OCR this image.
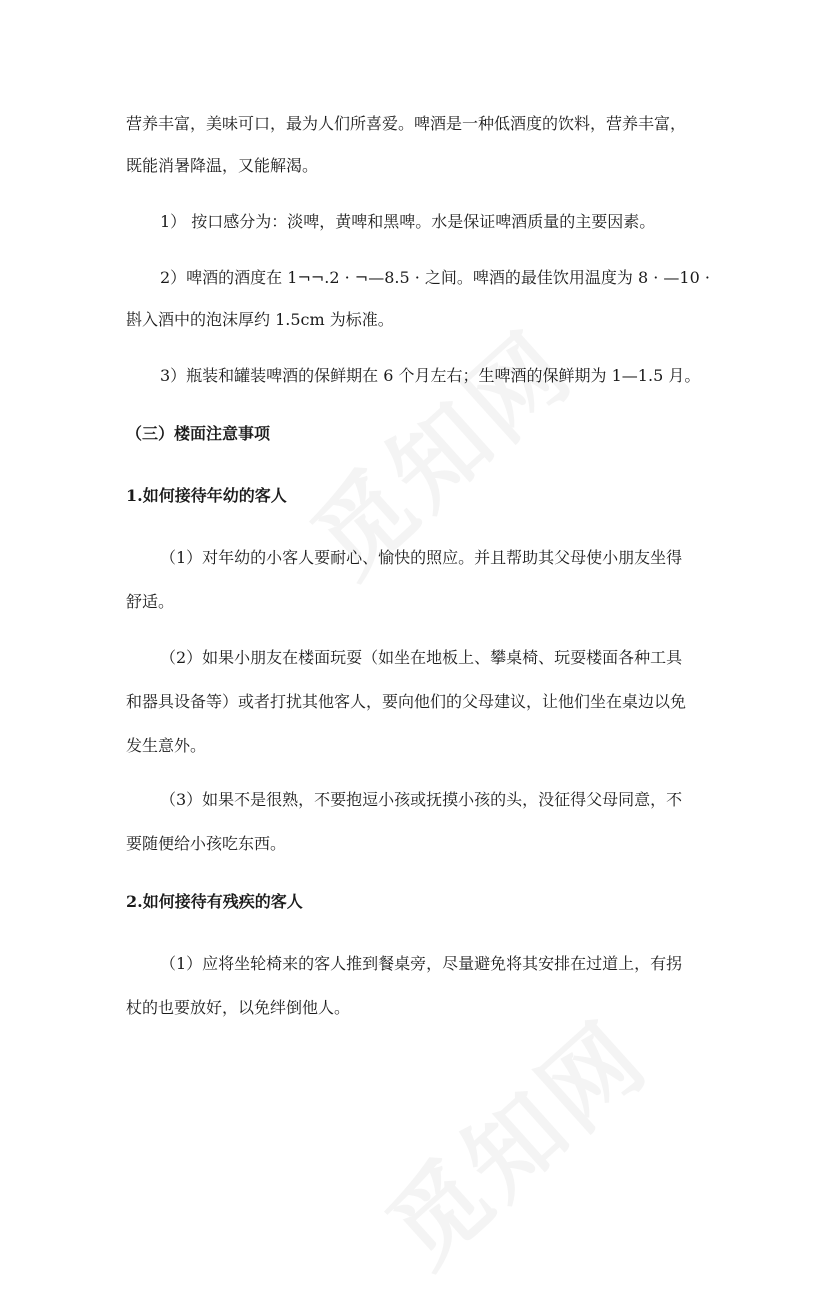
营养丰富，美味可口，最为人们所喜爱。啤酒是一种低酒度的饮料，营养丰富，

既能消暑降温，又能解渴。

1） 按口感分为：淡啤，黄啤和黑啤。水是保证啤酒质量的主要因素。

2）啤酒的酒度在 1¬¬.2 · ¬—8.5 · 之间。啤酒的最佳饮用温度为 8 · —10 ·

斟入酒中的泡沫厚约 1.5cm 为标准。

3）瓶装和罐装啤酒的保鲜期在 6 个月左右；生啤酒的保鲜期为 1—1.5 月。

（三）楼面注意事项

1.如何接待年幼的客人

（1）对年幼的小客人要耐心、愉快的照应。并且帮助其父母使小朋友坐得

舒适。

（2）如果小朋友在楼面玩耍（如坐在地板上、攀桌椅、玩耍楼面各种工具

和器具设备等）或者打扰其他客人，要向他们的父母建议，让他们坐在桌边以免

发生意外。

（3）如果不是很熟，不要抱逗小孩或抚摸小孩的头，没征得父母同意，不

要随便给小孩吃东西。

2.如何接待有残疾的客人

（1）应将坐轮椅来的客人推到餐桌旁，尽量避免将其安排在过道上，有拐

杖的也要放好，以免绊倒他人。
